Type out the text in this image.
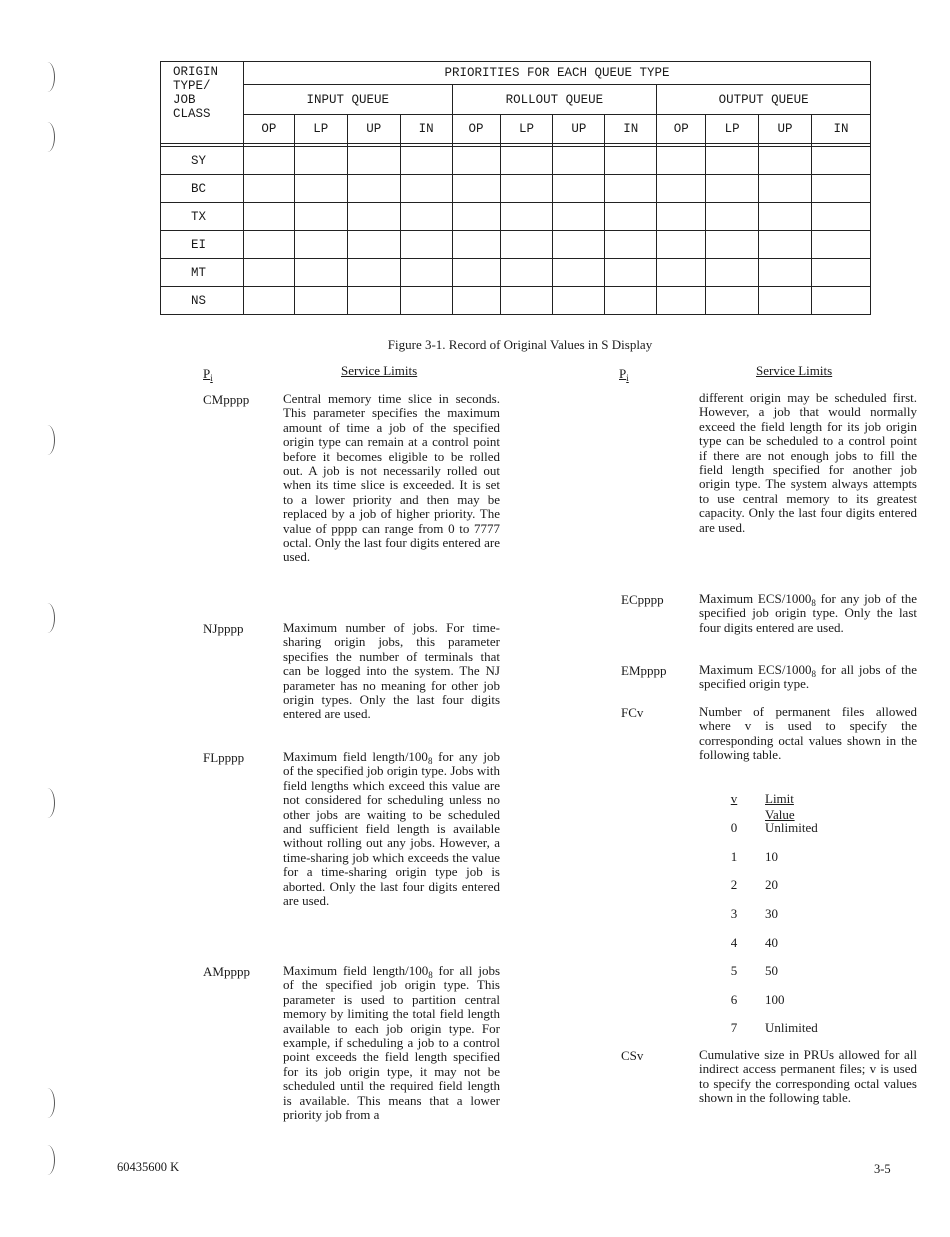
ORIGIN
TYPE/
JOB
CLASS	PRIORITIES FOR EACH QUEUE TYPE											
	INPUT QUEUE				ROLLOUT QUEUE				OUTPUT QUEUE			
	OP	LP	UP	IN	OP	LP	UP	IN	OP	LP	UP	IN

SY												
BC												
TX												
EI												
MT												
NS												
Figure 3-1. Record of Original Values in S Display
$P_i$	Service Limits
CMpppp	Central memory time slice in seconds. This parameter specifies the maximum amount of time a job of the specified origin type can remain at a control point before it becomes eligible to be rolled out. A job is not necessarily rolled out when its time slice is exceeded. It is set to a lower priority and then may be replaced by a job of higher priority. The value of pppp can range from 0 to 7777 octal. Only the last four digits entered are used.
NJpppp	Maximum number of jobs. For time-sharing origin jobs, this parameter specifies the number of terminals that can be logged into the system. The NJ parameter has no meaning for other job origin types. Only the last four digits entered are used.
FLpppp	Maximum field length/$100_8$ for any job of the specified job origin type. Jobs with field lengths which exceed this value are not considered for scheduling unless no other jobs are waiting to be scheduled and sufficient field length is available without rolling out any jobs. However, a time-sharing job which exceeds the value for a time-sharing origin type job is aborted. Only the last four digits entered are used.
AMpppp	Maximum field length/$100_8$ for all jobs of the specified job origin type. This parameter is used to partition central memory by limiting the total field length available to each job origin type. For example, if scheduling a job to a control point exceeds the field length specified for its job origin type, it may not be scheduled until the required field length is available. This means that a lower priority job from a
$P_i$	Service Limits
different origin may be scheduled first. However, a job that would normally exceed the field length for its job origin type can be scheduled to a control point if there are not enough jobs to fill the field length specified for another job origin type. The system always attempts to use central memory to its greatest capacity. Only the last four digits entered are used.
ECpppp	Maximum ECS/$1000_8$ for any job of the specified job origin type. Only the last four digits entered are used.
EMpppp	Maximum ECS/$1000_8$ for all jobs of the specified origin type.
FCv	Number of permanent files allowed where v is used to specify the corresponding octal values shown in the following table.
v Limit Value
0 Unlimited
1 10
2 20
3 30
4 40
5 50
6 100
7 Unlimited
CSv	Cumulative size in PRUs allowed for all indirect access permanent files; v is used to specify the corresponding octal values shown in the following table.
60435600 K	3-5
